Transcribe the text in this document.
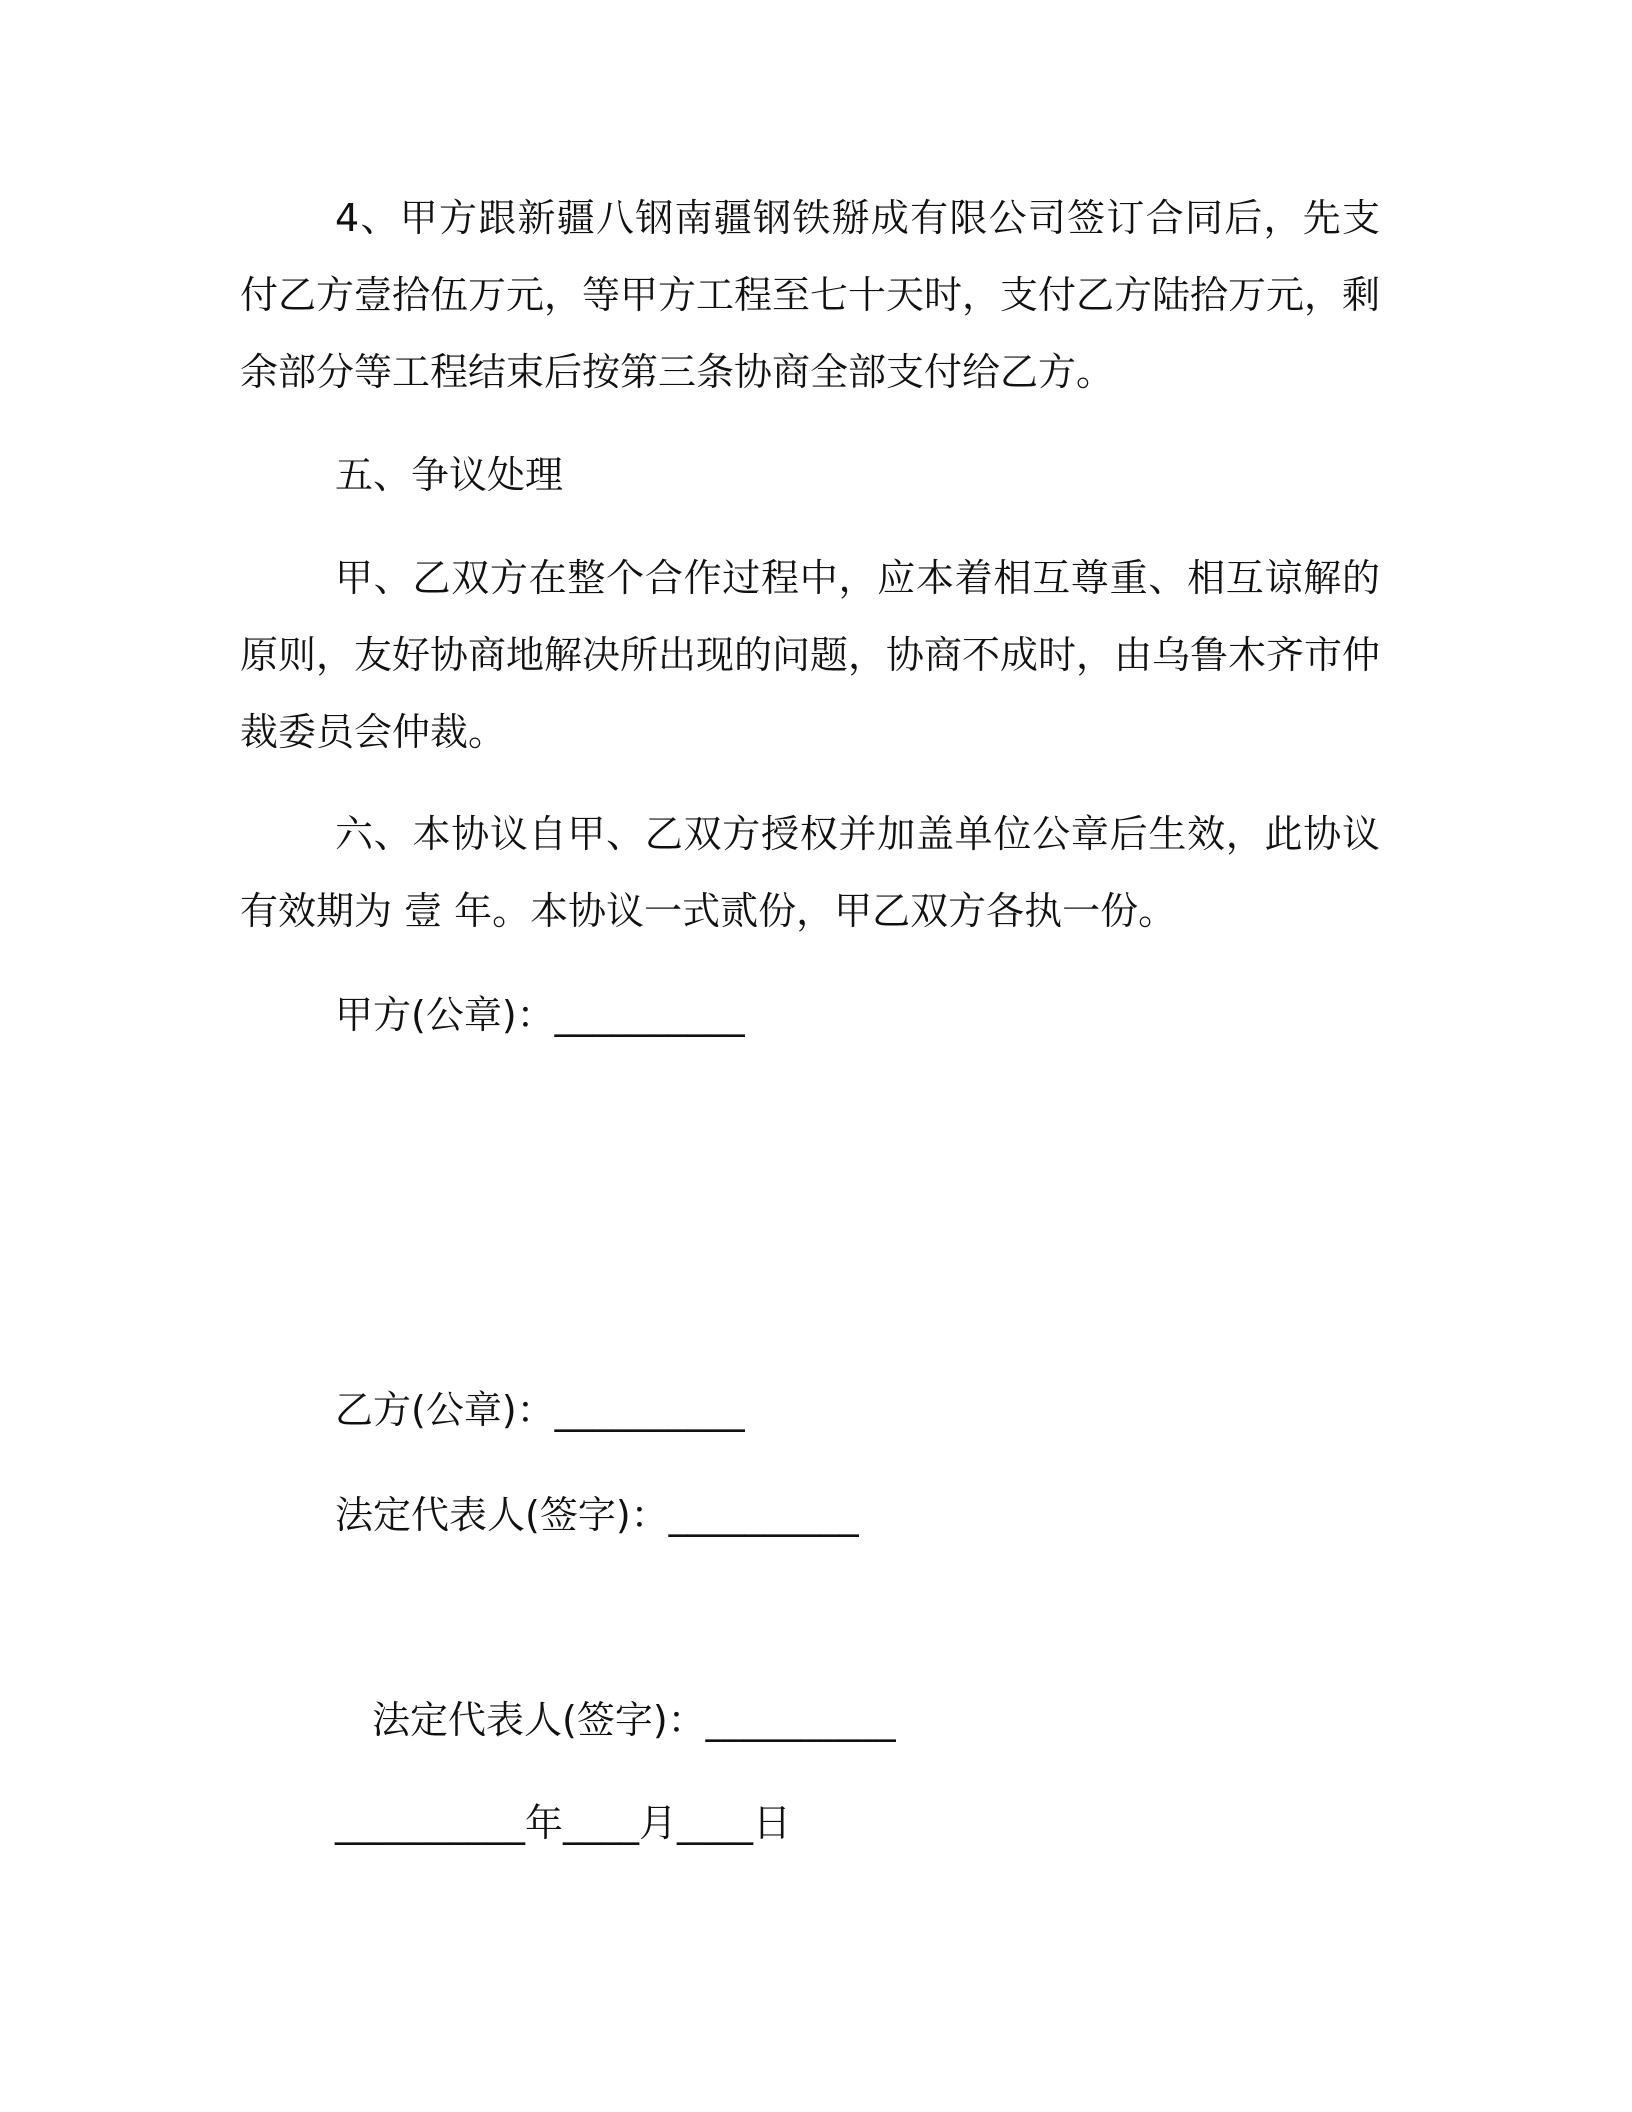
4、甲方跟新疆八钢南疆钢铁掰成有限公司签订合同后，先支付乙方壹拾伍万元，等甲方工程至七十天时，支付乙方陆拾万元，剩余部分等工程结束后按第三条协商全部支付给乙方。

五、争议处理

甲、乙双方在整个合作过程中，应本着相互尊重、相互谅解的原则，友好协商地解决所出现的问题，协商不成时，由乌鲁木齐市仲裁委员会仲裁。

六、本协议自甲、乙双方授权并加盖单位公章后生效，此协议有效期为 壹 年。本协议一式贰份，甲乙双方各执一份。

甲方(公章)：__________

乙方(公章)：__________

法定代表人(签字)：__________

法定代表人(签字)：__________

__________年____月____日
